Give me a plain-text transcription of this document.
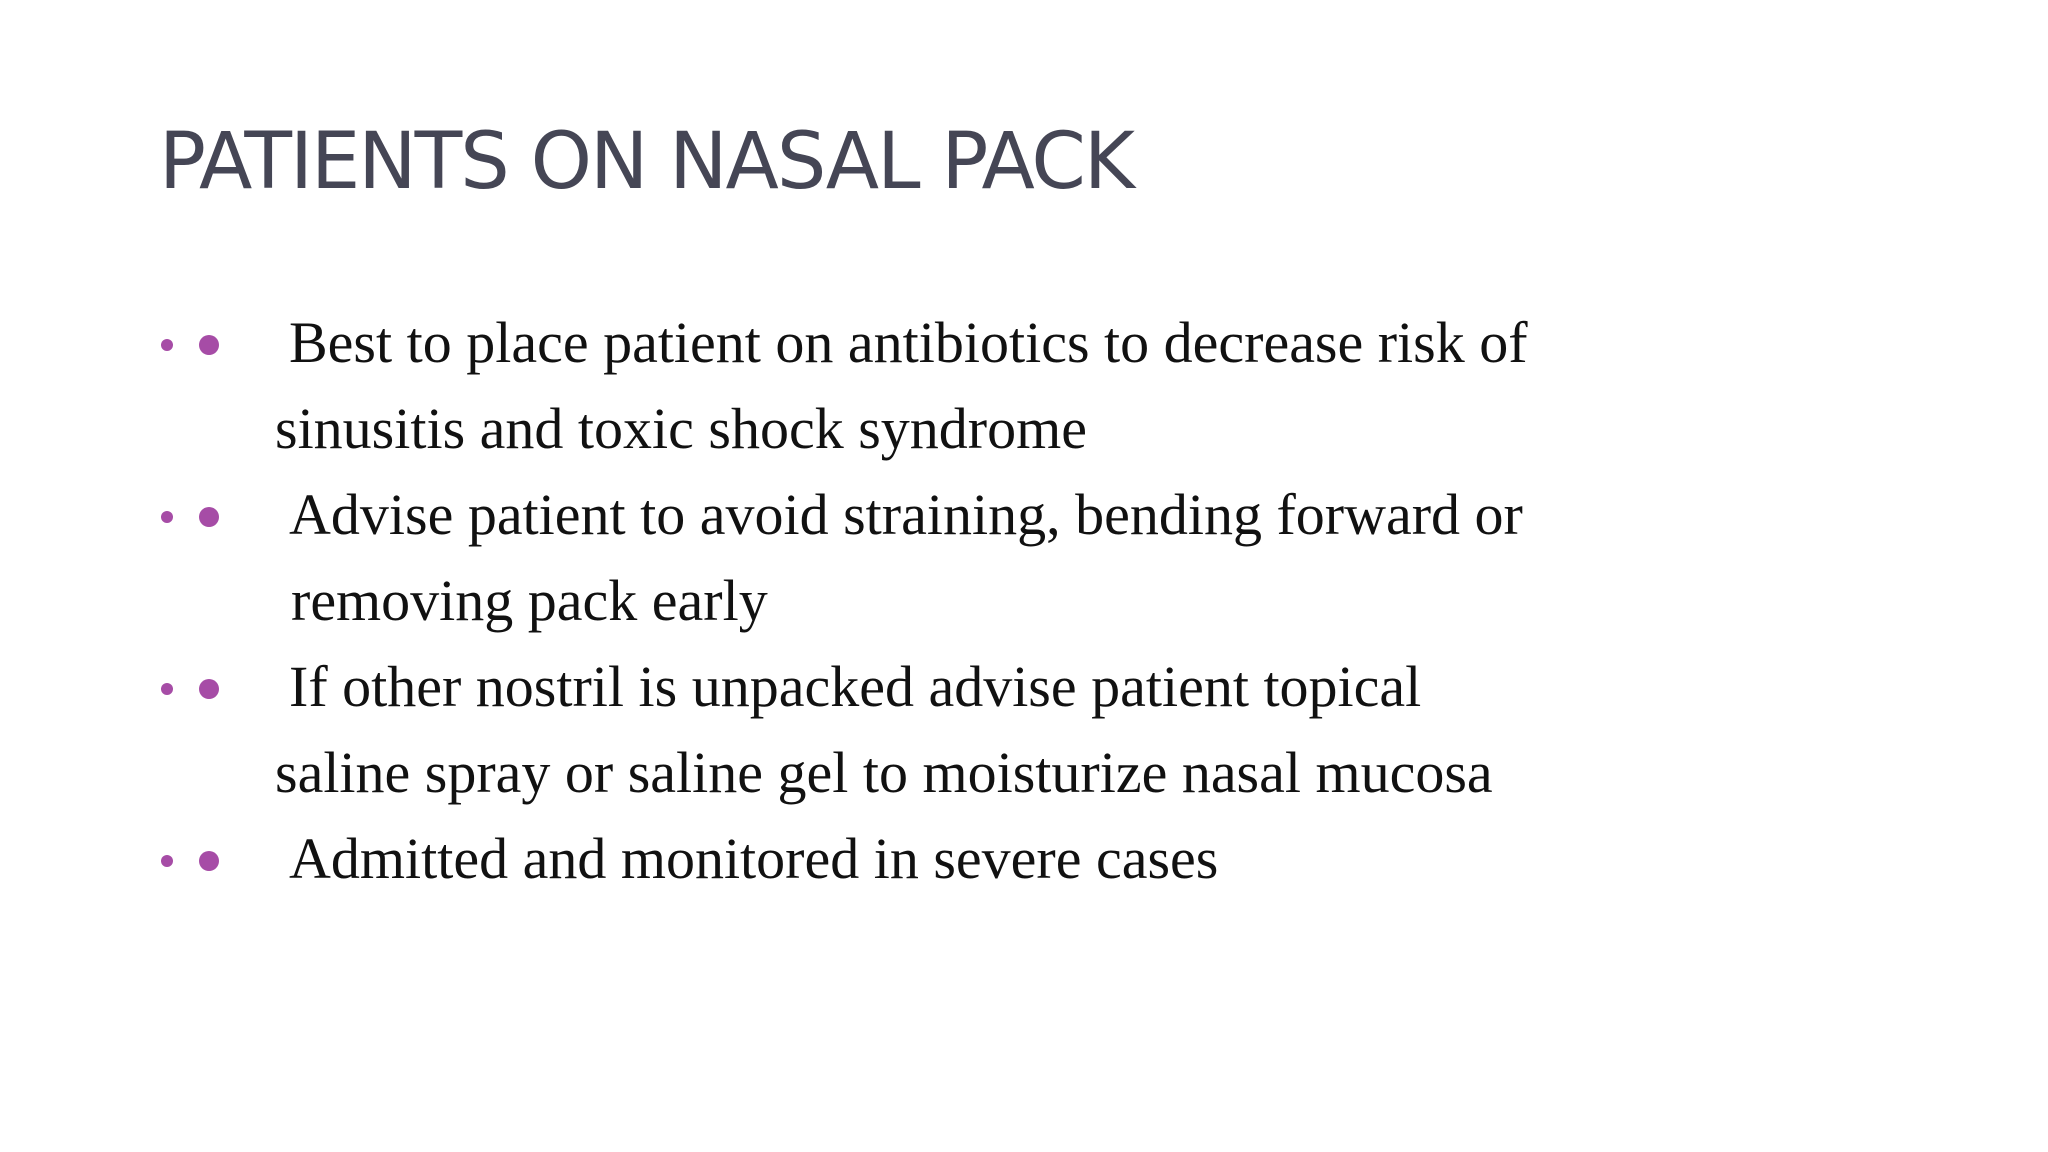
PATIENTS ON NASAL PACK
Best to place patient on antibiotics to decrease risk of
sinusitis and toxic shock syndrome
Advise patient to avoid straining, bending forward or
removing pack early
If other nostril is unpacked advise patient topical
saline spray or saline gel to moisturize nasal mucosa
Admitted and monitored in severe cases
